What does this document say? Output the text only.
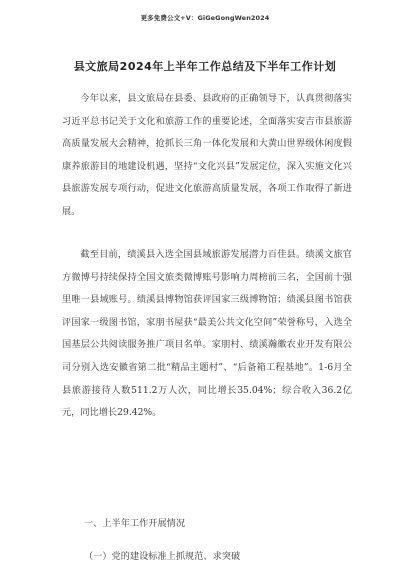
更多免费公文+V：GiGeGongWen2024
县文旅局2024年上半年工作总结及下半年工作计划

今年以来，县文旅局在县委、县政府的正确领导下，认真贯彻落实习近平总书记关于文化和旅游工作的重要论述，全面落实安吉市县旅游高质量发展大会精神，抢抓长三角一体化发展和大黄山世界级休闲度假康养旅游目的地建设机遇，坚持“文化兴县”发展定位，深入实施文化兴县旅游发展专项行动，促进文化旅游高质量发展，各项工作取得了新进展。

截至目前，绩溪县入选全国县域旅游发展潜力百佳县。绩溪文旅官方微博号持续保持全国文旅类微博账号影响力周榜前三名，全国前十强里唯一县域账号。绩溪县博物馆获评国家三级博物馆；绩溪县图书馆获评国家一级图书馆，家朋书屋获“最美公共文化空间”荣誉称号，入选全国基层公共阅读服务推广项目名单。家朋村、绩溪瀚徽农业开发有限公司分别入选安徽省第二批“精品主题村”、“后备箱工程基地”。1-6月全县旅游接待人数511.2万人次，同比增长35.04%；综合收入36.2亿元，同比增长29.42%。

一、上半年工作开展情况

（一）党的建设标准上抓规范、求突破
